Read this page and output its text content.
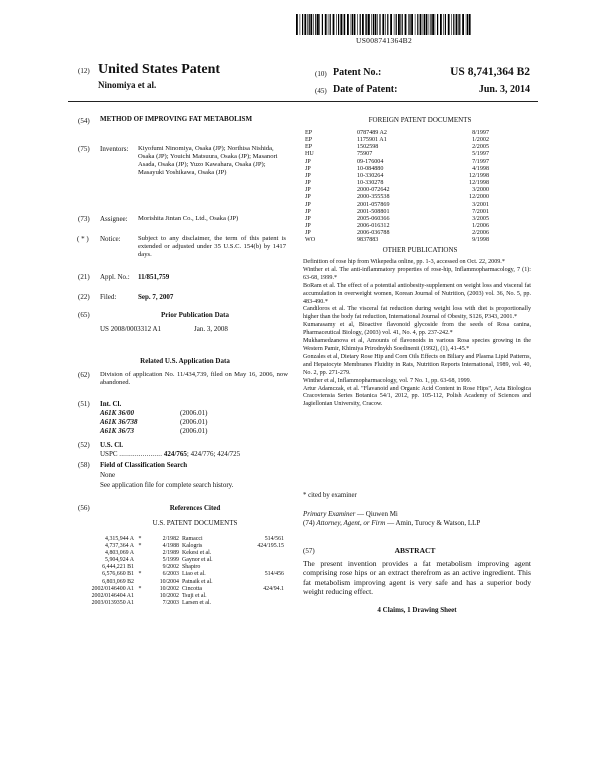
US008741364B2
(12) United States Patent
Ninomiya et al.
(10) Patent No.:	US 8,741,364 B2
(45) Date of Patent:	Jun. 3, 2014
(54) METHOD OF IMPROVING FAT METABOLISM
(75) Inventors: Kiyofumi Ninomiya, Osaka (JP); Norihisa Nishida, Osaka (JP); Youichi Matsuura, Osaka (JP); Masanori Asada, Osaka (JP); Yuzo Kawahara, Osaka (JP); Masayuki Yoshikawa, Osaka (JP)
(73) Assignee: Morishita Jintan Co., Ltd., Osaka (JP)
( * ) Notice:	Subject to any disclaimer, the term of this patent is extended or adjusted under 35 U.S.C. 154(b) by 1417 days.
(21) Appl. No.: 11/851,759
(22) Filed:	Sep. 7, 2007
(65)	Prior Publication Data
US 2008/0003312 A1	Jan. 3, 2008
Related U.S. Application Data
(62) Division of application No. 11/434,739, filed on May 16, 2006, now abandoned.
(51) Int. Cl.
A61K 36/00	(2006.01)
A61K 36/738	(2006.01)
A61K 36/73	(2006.01)
(52) U.S. Cl.
USPC ...................... 424/765; 424/776; 424/725
(58) Field of Classification Search
None
See application file for complete search history.
(56)	References Cited
U.S. PATENT DOCUMENTS
4,315,944 A *	2/1982 Ramacci	514/561
4,737,364 A *	4/1988 Kalogris	424/195.15
4,803,069 A	2/1989 Kekesi et al.
5,904,924 A	5/1999 Gaynor et al.
6,444,221 B1	9/2002 Shapiro
6,576,660 B1 *	6/2003 Liao et al.	514/456
6,803,069 B2	10/2004 Patnaik et al.
2002/0146400 A1 *	10/2002 Cincotta	424/94.1
2002/0146404 A1	10/2002 Tsuji et al.
2003/0139350 A1	7/2003 Larsen et al.
FOREIGN PATENT DOCUMENTS
EP	0787489 A2	8/1997
EP	1175901 A1	1/2002
EP	1502598	2/2005
HU	75907	5/1997
JP	09-176004	7/1997
JP	10-084880	4/1998
JP	10-330264	12/1998
JP	10-330278	12/1998
JP	2000-072642	3/2000
JP	2000-355538	12/2000
JP	2001-057869	3/2001
JP	2001-508801	7/2001
JP	2005-060366	3/2005
JP	2006-016312	1/2006
JP	2006-036788	2/2006
WO	9837883	9/1998
OTHER PUBLICATIONS
Definition of rose hip from Wikepedia online, pp. 1-3, accessed on Oct. 22, 2009.*
Winther et al. The anti-inflammatory properties of rose-hip, Inflammopharmacology, 7 (1): 63-68, 1999.*
BoRam et al. The effect of a potential antiobesity-supplement on weight loss and visceral fat accumulation in overweight women, Korean Journal of Nutrition, (2003) vol. 36, No. 5, pp. 483-490.*
Candiloros et al. The visceral fat reduction during weight loss with diet is proportionally higher than the body fat reduction, International Journal of Obesity, S126, P343, 2001.*
Kumarasamy et al, Bioactive flavonoid glycoside from the seeds of Rosa canina, Pharmaceutical Biology, (2003) vol. 41, No. 4, pp. 237-242.*
Mukhamedzanova et al, Amounts of flavonoids in various Rosa species growing in the Western Pamir, Khimiya Prirodnykh Soedinenii (1992), (1), 41-45.*
Gonzales et al, Dietary Rose Hip and Corn Oils Effects on Biliary and Plasma Lipid Patterns, and Hepatocyte Membranes Fluidity in Rats, Nutrition Reports International, 1989, vol. 40, No. 2, pp. 271-279.
Winther et al, Inflammopharmacology, vol. 7 No. 1, pp. 63-68, 1999.
Artur Adamczak, et al. "Flavanoid and Organic Acid Content in Rose Hips", Acta Biologica Cracoviensia Series Botanica 54/1, 2012, pp. 105-112, Polish Academy of Sciences and Jagiellonian University, Cracow.
* cited by examiner
Primary Examiner — Qiuwen Mi
(74) Attorney, Agent, or Firm — Amin, Turocy & Watson, LLP
(57)	ABSTRACT
The present invention provides a fat metabolism improving agent comprising rose hips or an extract therefrom as an active ingredient. This fat metabolism improving agent is very safe and has a superior body weight reducing effect.
4 Claims, 1 Drawing Sheet
